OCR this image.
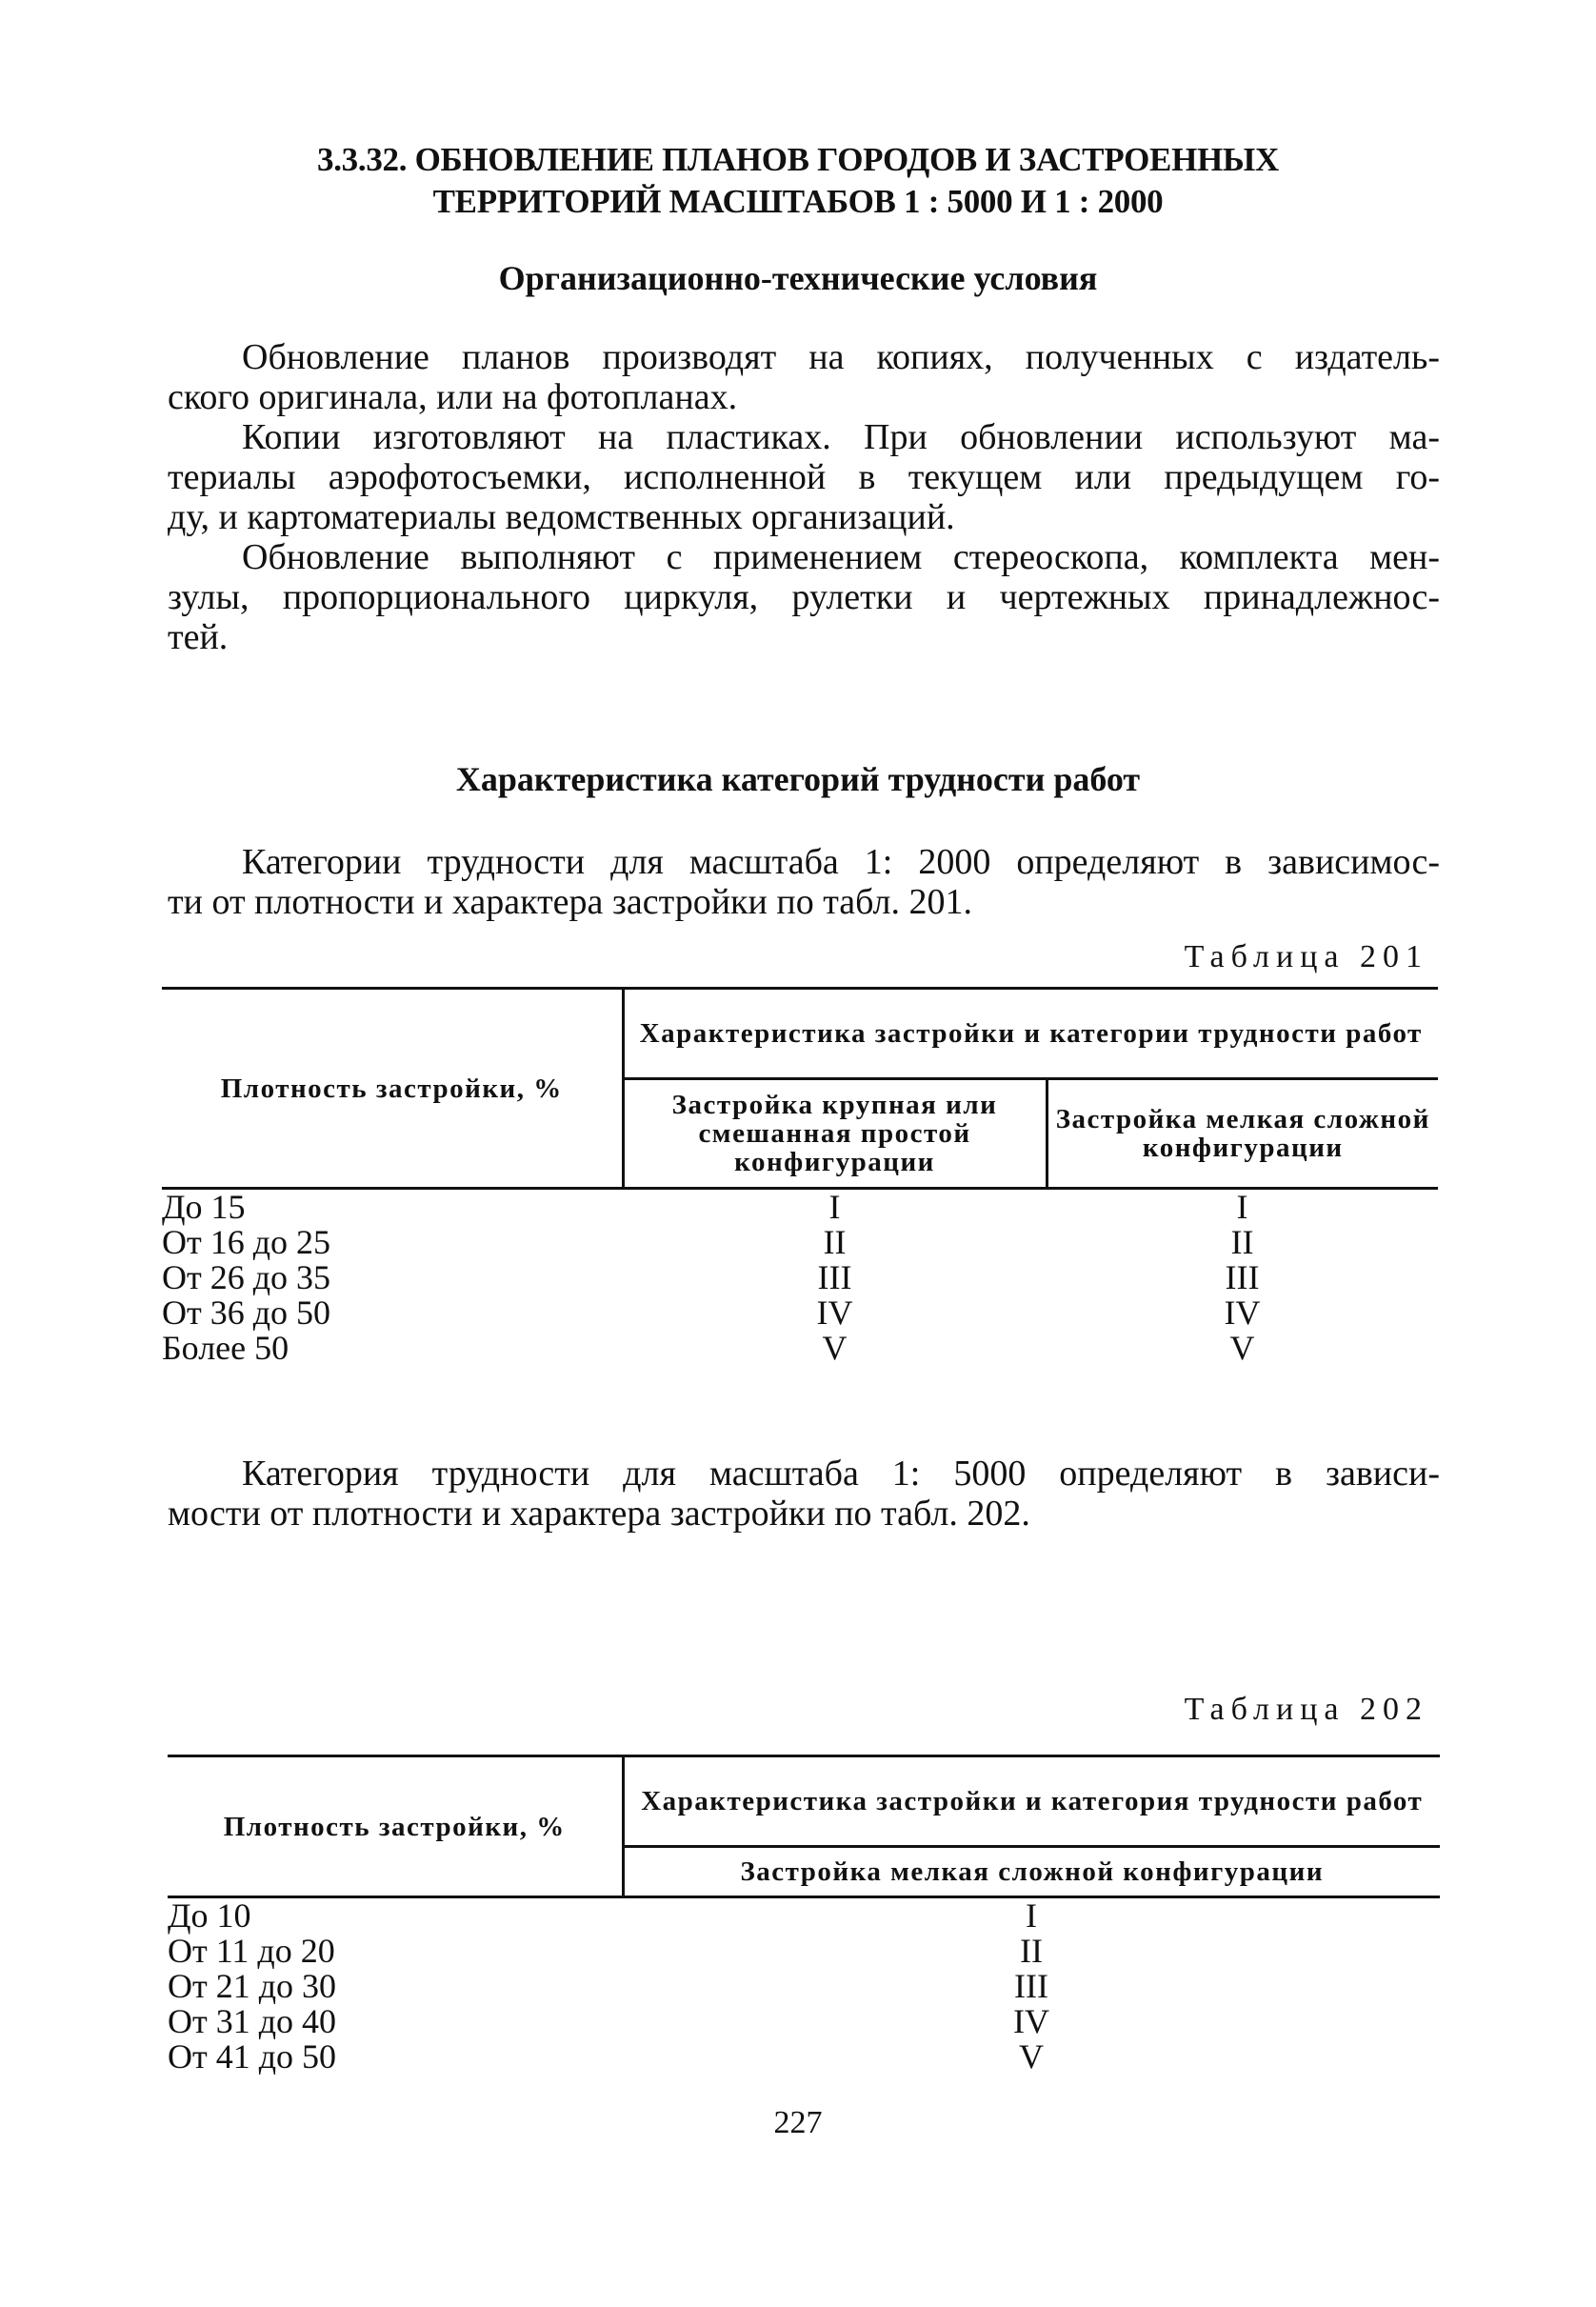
3.3.32. ОБНОВЛЕНИЕ ПЛАНОВ ГОРОДОВ И ЗАСТРОЕННЫХ
ТЕРРИТОРИЙ МАСШТАБОВ 1 : 5000 И 1 : 2000
Организационно-технические условия
Обновление планов производят на копиях, полученных с издатель-
ского оригинала, или на фотопланах.
Копии изготовляют на пластиках. При обновлении используют ма-
териалы аэрофотосъемки, исполненной в текущем или предыдущем го-
ду, и картоматериалы ведомственных организаций.
Обновление выполняют с применением стереоскопа, комплекта мен-
зулы, пропорционального циркуля, рулетки и чертежных принадлежнос-
тей.
Характеристика категорий трудности работ
Категории трудности для масштаба 1: 2000 определяют в зависимос-
ти от плотности и характера застройки по табл. 201.
Таблица 201
Плотность застройки, %	Характеристика застройки и категории трудности работ	
	Застройка крупная или смешанная простой конфигурации	Застройка мелкая сложной конфигурации
До 15	I	I
От 16 до 25	II	II
От 26 до 35	III	III
От 36 до 50	IV	IV
Более 50	V	V
Категория трудности для масштаба 1: 5000 определяют в зависи-
мости от плотности и характера застройки по табл. 202.
Таблица 202
Плотность застройки, %	Характеристика застройки и категория трудности работ
	Застройка мелкая сложной конфигурации
До 10	I
От 11 до 20	II
От 21 до 30	III
От 31 до 40	IV
От 41 до 50	V
227
